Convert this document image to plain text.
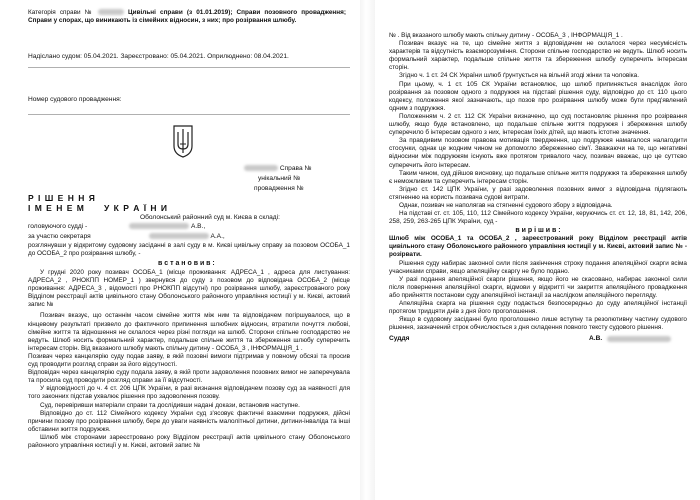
Категорія справи №	Цивільні справи (з 01.01.2019); Справи позовного провадження; Справи у спорах, що виникають із сімейних відносин, з них; про розірвання шлюбу.
Надіслано судом: 05.04.2021. Зареєстровано: 05.04.2021. Оприлюднено: 08.04.2021.
Номер судового провадження:
Справа №
унікальний №
провадження №
Р І Ш Е Н Н Я
І М Е Н Е М У К Р А Ї Н И
Оболонський районний суд м. Києва в складі:
головуючого судді -	А.В.,
за участю секретаря	А.А.,
розглянувши у відкритому судовому засіданні в залі суду в м. Києві цивільну справу за позовом ОСОБА_1 до ОСОБА_2 про розірвання шлюбу, -
в с т а н о в и в :
У грудні 2020 року позивач ОСОБА_1 (місце проживання: АДРЕСА_1 , адреса для листування: АДРЕСА_2 , РНОКПП НОМЕР_1 ) звернувся до суду з позовом до відповідача ОСОБА_2 (місце проживання: АДРЕСА_3 , відомості про РНОКПП відсутні) про розірвання шлюбу, зареєстрованого року Відділом реєстрації актів цивільного стану Оболонського районного управління юстиції у м. Києві, актовий запис №
Позивач вказує, що останнім часом сімейне життя між ним та відповідачем погіршувалося, що в кінцевому результаті призвело до фактичного припинення шлюбних відносин, втратили почуття любові, сімейне життя та відношення не склалося через різні погляди на шлюб. Сторони спільне господарство не ведуть. Шлюб носить формальний характер, подальше спільне життя та збереження шлюбу суперечить інтересам сторін. Від вказаного шлюбу мають спільну дитину - ОСОБА_3 , ІНФОРМАЦІЯ_1 .
Позивач через канцелярію суду подав заяву, в якій позовні вимоги підтримав у повному обсязі та просив суд проводити розгляд справи за його відсутності.
Відповідач через канцелярію суду подала заяву, в якій проти задоволення позовних вимог не заперечувала та просила суд проводити розгляд справи за її відсутності.
У відповідності до ч. 4 ст. 206 ЦПК України, в разі визнання відповідачем позову суд за наявності для того законних підстав ухвалює рішення про задоволення позову.
Суд, перевіривши матеріали справи та дослідивши надані докази, встановив наступне.
Відповідно до ст. 112 Сімейного кодексу України суд з'ясовує фактичні взаємини подружжя, дійсні причини позову про розірвання шлюбу, бере до уваги наявність малолітньої дитини, дитини-інваліда та інші обставини життя подружжя.
Шлюб між сторонами зареєстровано року Відділом реєстрації актів цивільного стану Оболонського районного управління юстиції у м. Києві, актовий запис №
№ . Від вказаного шлюбу мають спільну дитину - ОСОБА_3 , ІНФОРМАЦІЯ_1 .
Позивач вказує на те, що сімейне життя з відповідачем не склалося через несумісність характерів та відсутність взаєморозуміння. Сторони спільне господарство не ведуть. Шлюб носить формальний характер, подальше спільне життя та збереження шлюбу суперечить інтересам сторін.
Згідно ч. 1 ст. 24 СК України шлюб ґрунтується на вільній згоді жінки та чоловіка.
При цьому, ч. 1 ст. 105 СК України встановлює, що шлюб припиняється внаслідок його розірвання за позовом одного з подружжя на підставі рішення суду, відповідно до ст. 110 цього кодексу, положення якої зазначають, що позов про розірвання шлюбу може бути пред'явлений одним з подружжя.
Положенням ч. 2 ст. 112 СК України визначено, що суд постановляє рішення про розірвання шлюбу, якщо буде встановлено, що подальше спільне життя подружжя і збереження шлюбу суперечило б інтересам одного з них, інтересам їхніх дітей, що мають істотне значення.
За правдивим позовом правова мотивація твердження, що подружжя намагалося налагодити стосунки, однак це жодним чином не допомогло збереженню сім'ї. Зважаючи на те, що негативні відносини між подружжям існують вже протягом тривалого часу, позивач вважає, що це суттєво суперечить його інтересам.
Таким чином, суд дійшов висновку, що подальше спільне життя подружжя та збереження шлюбу є неможливим та суперечить інтересам сторін.
Згідно ст. 142 ЦПК України, у разі задоволення позовних вимог з відповідача підлягають стягненню на користь позивача судові витрати.
Однак, позивач не наполягав на стягненні судового збору з відповідача.
На підставі ст. ст. 105, 110, 112 Сімейного кодексу України, керуючись ст. ст. 12, 18, 81, 142, 206, 258, 259, 263-265 ЦПК України, суд -
в и р і ш и в :
Шлюб між ОСОБА_1 та ОСОБА_2 , зареєстрований року Відділом реєстрації актів цивільного стану Оболонського районного управління юстиції у м. Києві, актовий запис № - розірвати.
Рішення суду набирає законної сили після закінчення строку подання апеляційної скарги всіма учасниками справи, якщо апеляційну скаргу не було подано.
У разі подання апеляційної скарги рішення, якщо його не скасовано, набирає законної сили після повернення апеляційної скарги, відмови у відкритті чи закриття апеляційного провадження або прийняття постанови суду апеляційної інстанції за наслідком апеляційного перегляду.
Апеляційна скарга на рішення суду подається безпосередньо до суду апеляційної інстанції протягом тридцяти днів з дня його проголошення.
Якщо в судовому засіданні було проголошено лише вступну та резолютивну частину судового рішення, зазначений строк обчислюється з дня складення повного тексту судового рішення.
Суддя	А.В.
